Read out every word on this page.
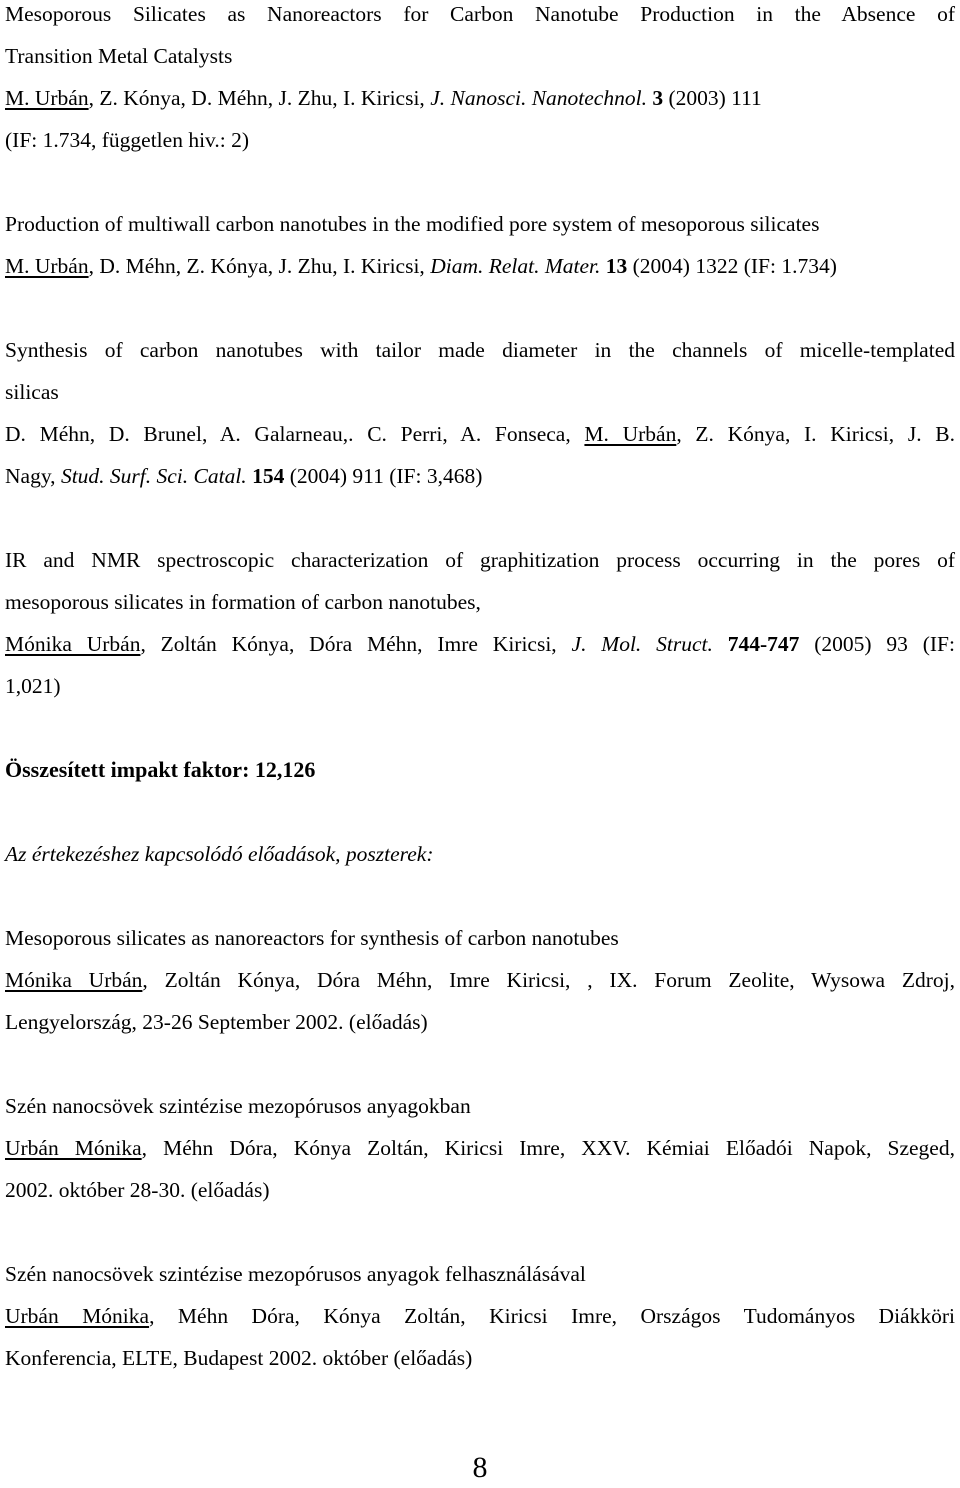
Mesoporous Silicates as Nanoreactors for Carbon Nanotube Production in the Absence of

Transition Metal Catalysts

M. Urbán, Z. Kónya, D. Méhn, J. Zhu, I. Kiricsi, J. Nanosci. Nanotechnol. 3 (2003) 111

(IF: 1.734, független hiv.: 2)

Production of multiwall carbon nanotubes in the modified pore system of mesoporous silicates

M. Urbán, D. Méhn, Z. Kónya, J. Zhu, I. Kiricsi, Diam. Relat. Mater. 13 (2004) 1322 (IF: 1.734)

Synthesis of carbon nanotubes with tailor made diameter in the channels of micelle-templated

silicas

D. Méhn, D. Brunel, A. Galarneau,. C. Perri, A. Fonseca, M. Urbán, Z. Kónya, I. Kiricsi, J. B.

Nagy, Stud. Surf. Sci. Catal. 154 (2004) 911 (IF: 3,468)

IR and NMR spectroscopic characterization of graphitization process occurring in the pores of

mesoporous silicates in formation of carbon nanotubes,

Mónika Urbán, Zoltán Kónya, Dóra Méhn, Imre Kiricsi, J. Mol. Struct. 744-747 (2005) 93 (IF:

1,021)

Összesített impakt faktor: 12,126

Az értekezéshez kapcsolódó előadások, poszterek:

Mesoporous silicates as nanoreactors for synthesis of carbon nanotubes

Mónika Urbán, Zoltán Kónya, Dóra Méhn, Imre Kiricsi, , IX. Forum Zeolite, Wysowa Zdroj,

Lengyelország, 23-26 September 2002. (előadás)

Szén nanocsövek szintézise mezopórusos anyagokban

Urbán Mónika, Méhn Dóra, Kónya Zoltán, Kiricsi Imre, XXV. Kémiai Előadói Napok, Szeged,

2002. október 28-30. (előadás)

Szén nanocsövek szintézise mezopórusos anyagok felhasználásával

Urbán Mónika, Méhn Dóra, Kónya Zoltán, Kiricsi Imre, Országos Tudományos Diákköri

Konferencia, ELTE, Budapest 2002. október (előadás)

8
